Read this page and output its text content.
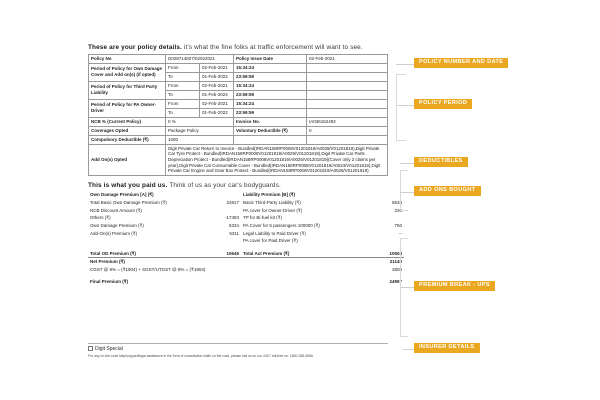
These are your policy details. it's what the fine folks at traffic enforcement will want to see.
Policy No	D028714827/02022021		Policy Issue Date	02-Feb-2021
Period of Policy for Own Damage Cover and Add on(s) (if opted)	From	02-Feb-2021	15:34:24	
	To	01-Feb-2022	23:59:59	
Period of Policy for Third Party Liability	From	02-Feb-2021	15:34:24	
	To	01-Feb-2024	23:59:59	
Period of Policy for PA Owner-Driver	From	02-Feb-2021	15:34:24	
	To	01-Feb-2022	23:59:59	
NCB % (Current Policy)	0 %		Invoice No.	IA036162492
Coverages Opted	Package Policy		Voluntary Deductible (₹)	0
Compulsory Deductible (₹)	1000			
Add On(s) Opted	Digit Private Car Return to Invoice - Bundled(IRDAN158RP0008V01201819/A0029/V01201819),Digit Private Car Tyre Protect - Bundled(IRDAN158RP0008V01201819/A0029/V01201819),Digit Private Car Parts Depreciation Protect - Bundled(IRDAN158RP0008V01201819/A0025/V01201819)(Cover only 2 claims per year),Digit Private Car Consumable Cover - Bundled(IRDAN158RP0008V01201819/A0024/V01201819),Digit Private Car Engine and Gear Box Protect - Bundled(IRDAN158RP0008V01201819/A0026/V01201819)			
This is what you paid us. Think of us as your car's bodyguards.
Own Damage Premium [A] (₹)		Liability Premium [B] (₹)	
Total Basic Own Damage Premium (₹)	22817	Basic Third-Party Liability (₹)	9534
NCB Discount Amount (₹)		PA cover for Owner-Driver (₹)	220
Others (₹)	-17483	TP for Bi-fuel kit (₹)	
Own Damage Premium (₹)	5334	PA Cover for 5 passengers 100000 (₹)	750
Add-On(s) Premium (₹)	5311	Legal Liability to Paid Driver (₹)	--
		PA cover for Paid Driver (₹)	

Total OD Premium (₹)	10645	Total Act Premium (₹)	10504
Net Premium (₹)			21149
CGST @ 9% = (₹1904) + SGST/UTGST @ 9% = (₹1904)			3808

Final Premium (₹)			24957
Digit Special
For any on-the-road help/support/legal assistance in the form of consultation while on the road, please call us on our 24X7 toll-free no. 1800-258-5956.
POLICY NUMBER AND DATE
POLICY PERIOD
DEDUCTIBLES
ADD ONS BOUGHT
PREMIUM BREAK - UPS
INSURER DETAILS
